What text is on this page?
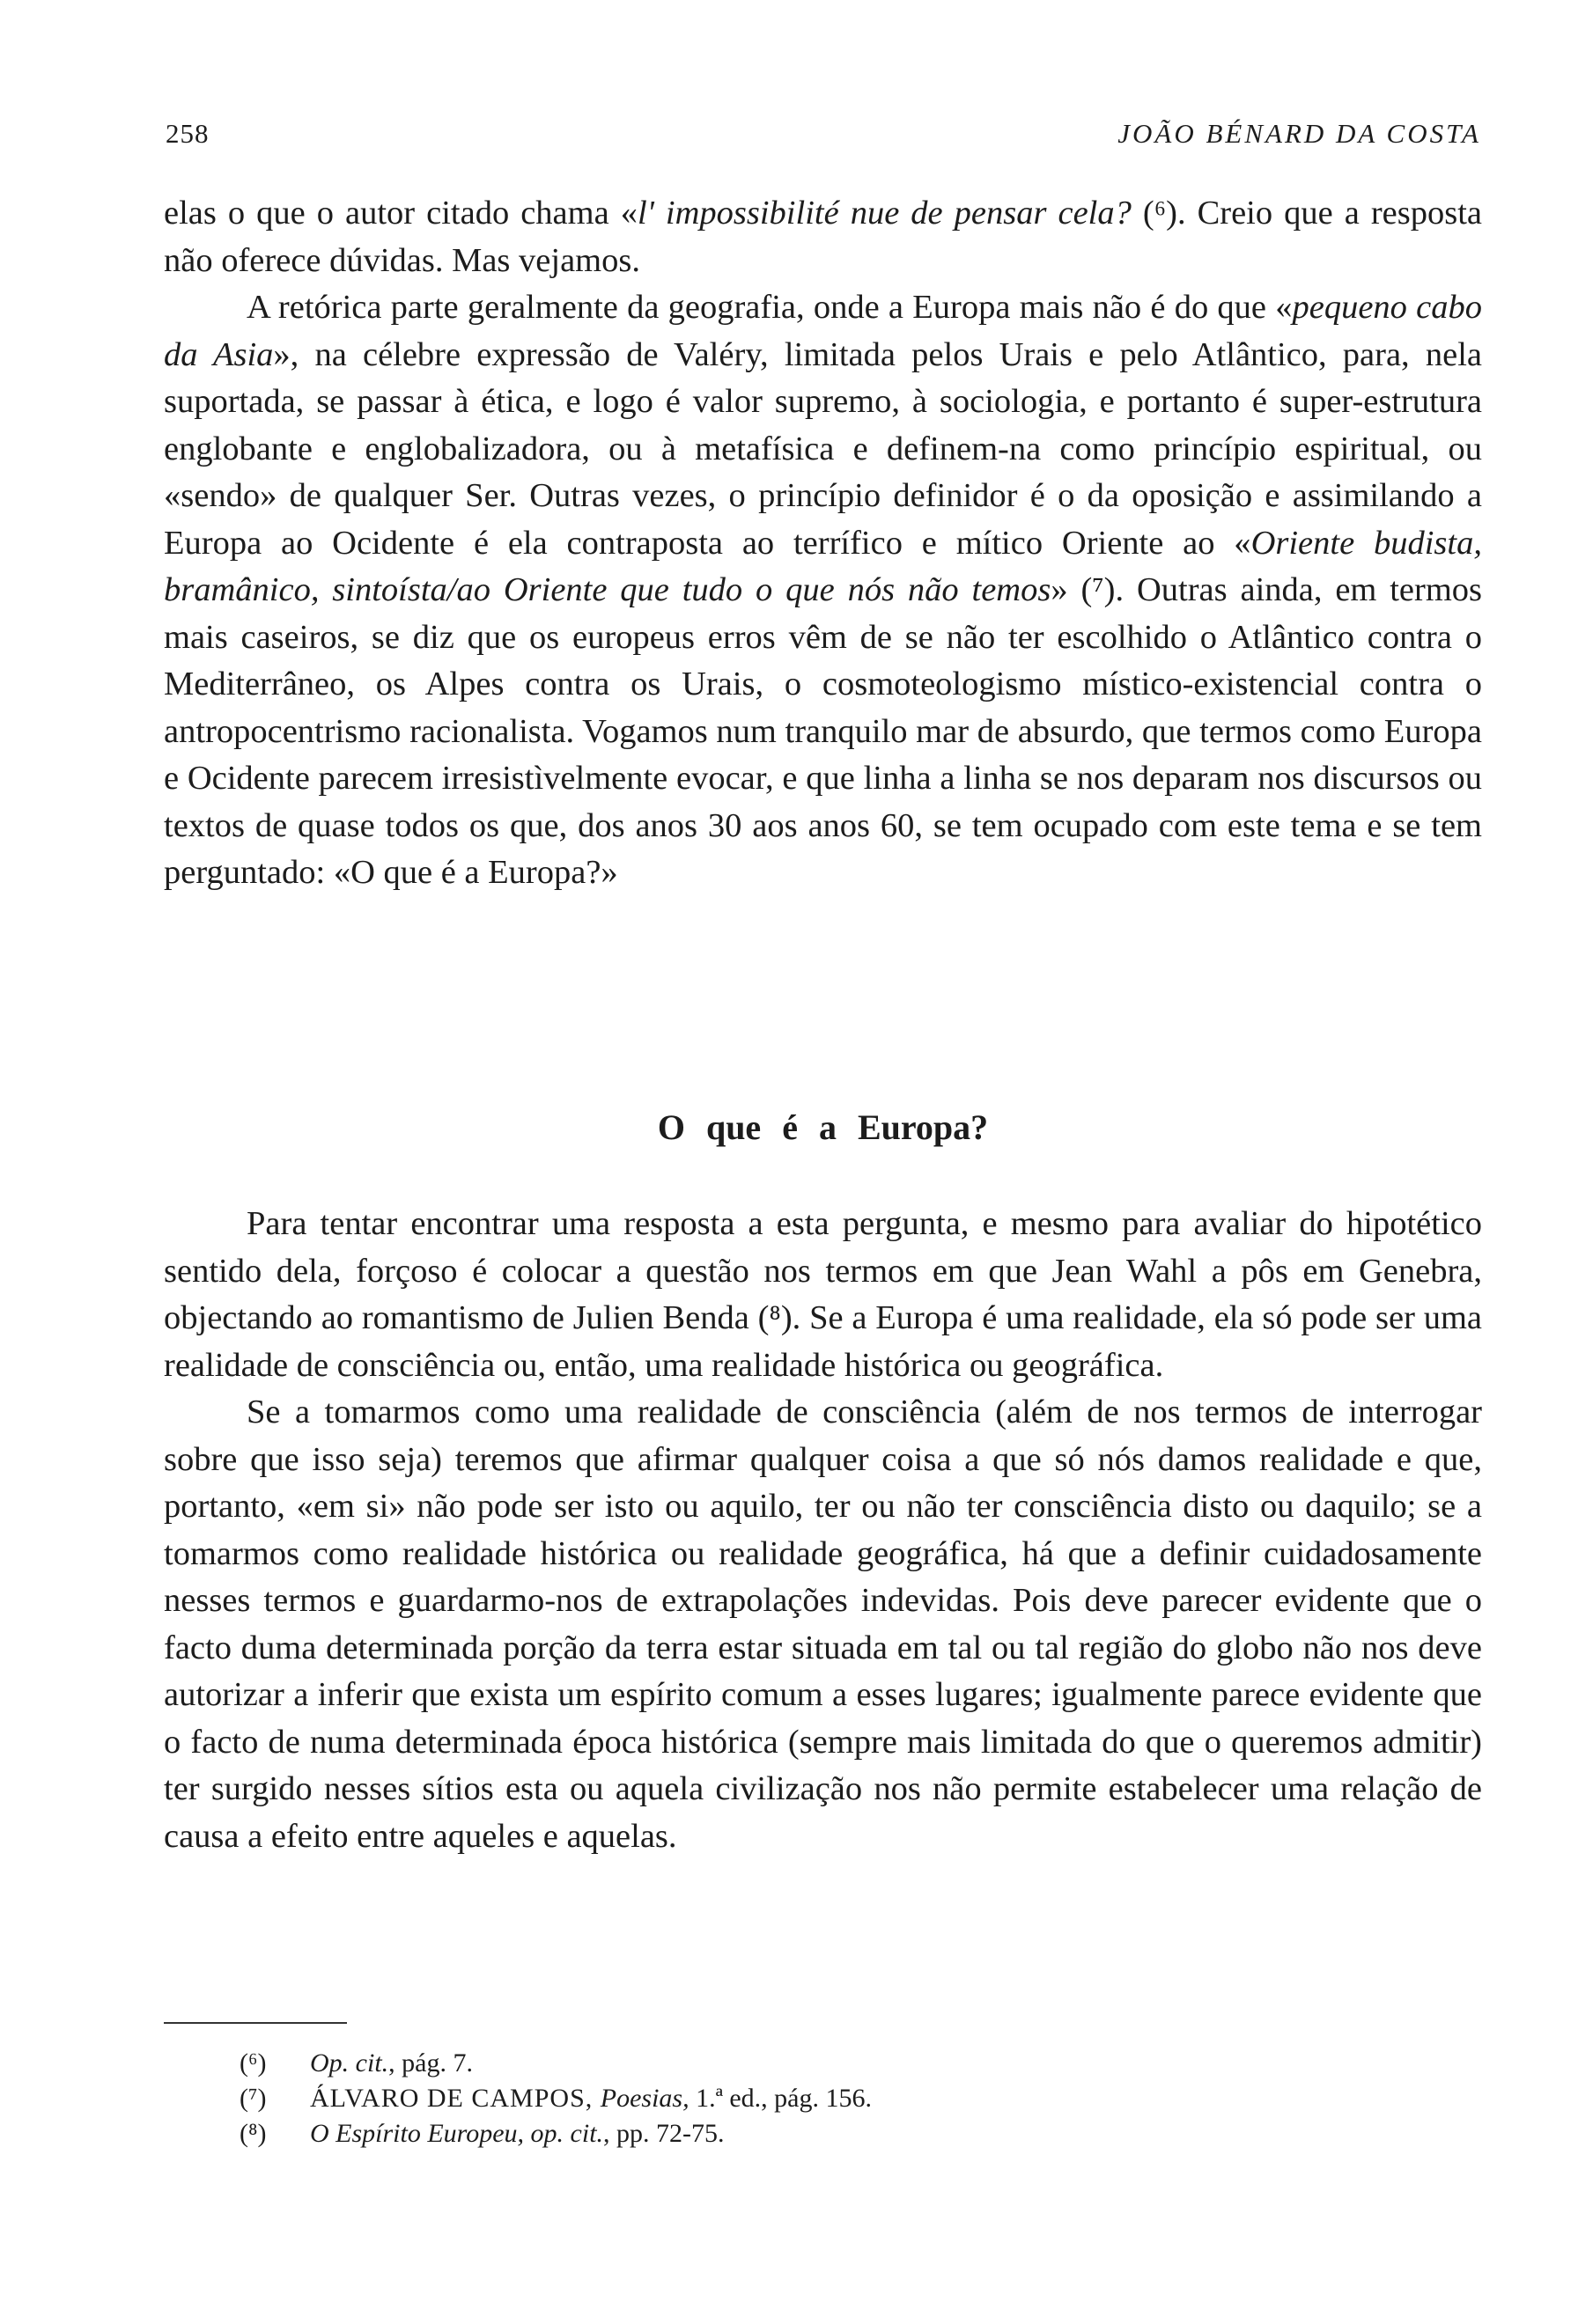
258	JOÃO BÉNARD DA COSTA

elas o que o autor citado chama «l' impossibilité nue de pensar cela? (⁶). Creio que a resposta não oferece dúvidas. Mas vejamos.

A retórica parte geralmente da geografia, onde a Europa mais não é do que «pequeno cabo da Asia», na célebre expressão de Valéry, limitada pelos Urais e pelo Atlântico, para, nela suportada, se passar à ética, e logo é valor supremo, à sociologia, e portanto é super-estrutura englobante e englobalizadora, ou à metafísica e definem-na como princípio espiritual, ou «sendo» de qualquer Ser. Outras vezes, o princípio definidor é o da oposição e assimilando a Europa ao Ocidente é ela contraposta ao terrífico e mítico Oriente ao «Oriente budista, bramânico, sintoísta/ao Oriente que tudo o que nós não temos» (⁷). Outras ainda, em termos mais caseiros, se diz que os europeus erros vêm de se não ter escolhido o Atlântico contra o Mediterrâneo, os Alpes contra os Urais, o cosmoteologismo místico-existencial contra o antropocentrismo racionalista. Vogamos num tranquilo mar de absurdo, que termos como Europa e Ocidente parecem irresistìvelmente evocar, e que linha a linha se nos deparam nos discursos ou textos de quase todos os que, dos anos 30 aos anos 60, se tem ocupado com este tema e se tem perguntado: «O que é a Europa?»

O que é a Europa?

Para tentar encontrar uma resposta a esta pergunta, e mesmo para avaliar do hipotético sentido dela, forçoso é colocar a questão nos termos em que Jean Wahl a pôs em Genebra, objectando ao romantismo de Julien Benda (⁸). Se a Europa é uma realidade, ela só pode ser uma realidade de consciência ou, então, uma realidade histórica ou geográfica.

Se a tomarmos como uma realidade de consciência (além de nos termos de interrogar sobre que isso seja) teremos que afirmar qualquer coisa a que só nós damos realidade e que, portanto, «em si» não pode ser isto ou aquilo, ter ou não ter consciência disto ou daquilo; se a tomarmos como realidade histórica ou realidade geográfica, há que a definir cuidadosamente nesses termos e guardarmo-nos de extrapolações indevidas. Pois deve parecer evidente que o facto duma determinada porção da terra estar situada em tal ou tal região do globo não nos deve autorizar a inferir que exista um espírito comum a esses lugares; igualmente parece evidente que o facto de numa determinada época histórica (sempre mais limitada do que o queremos admitir) ter surgido nesses sítios esta ou aquela civilização nos não permite estabelecer uma relação de causa a efeito entre aqueles e aquelas.

(⁶)	Op. cit., pág. 7.
(⁷)	ÁLVARO DE CAMPOS, Poesias, 1.ª ed., pág. 156.
(⁸)	O Espírito Europeu, op. cit., pp. 72-75.
